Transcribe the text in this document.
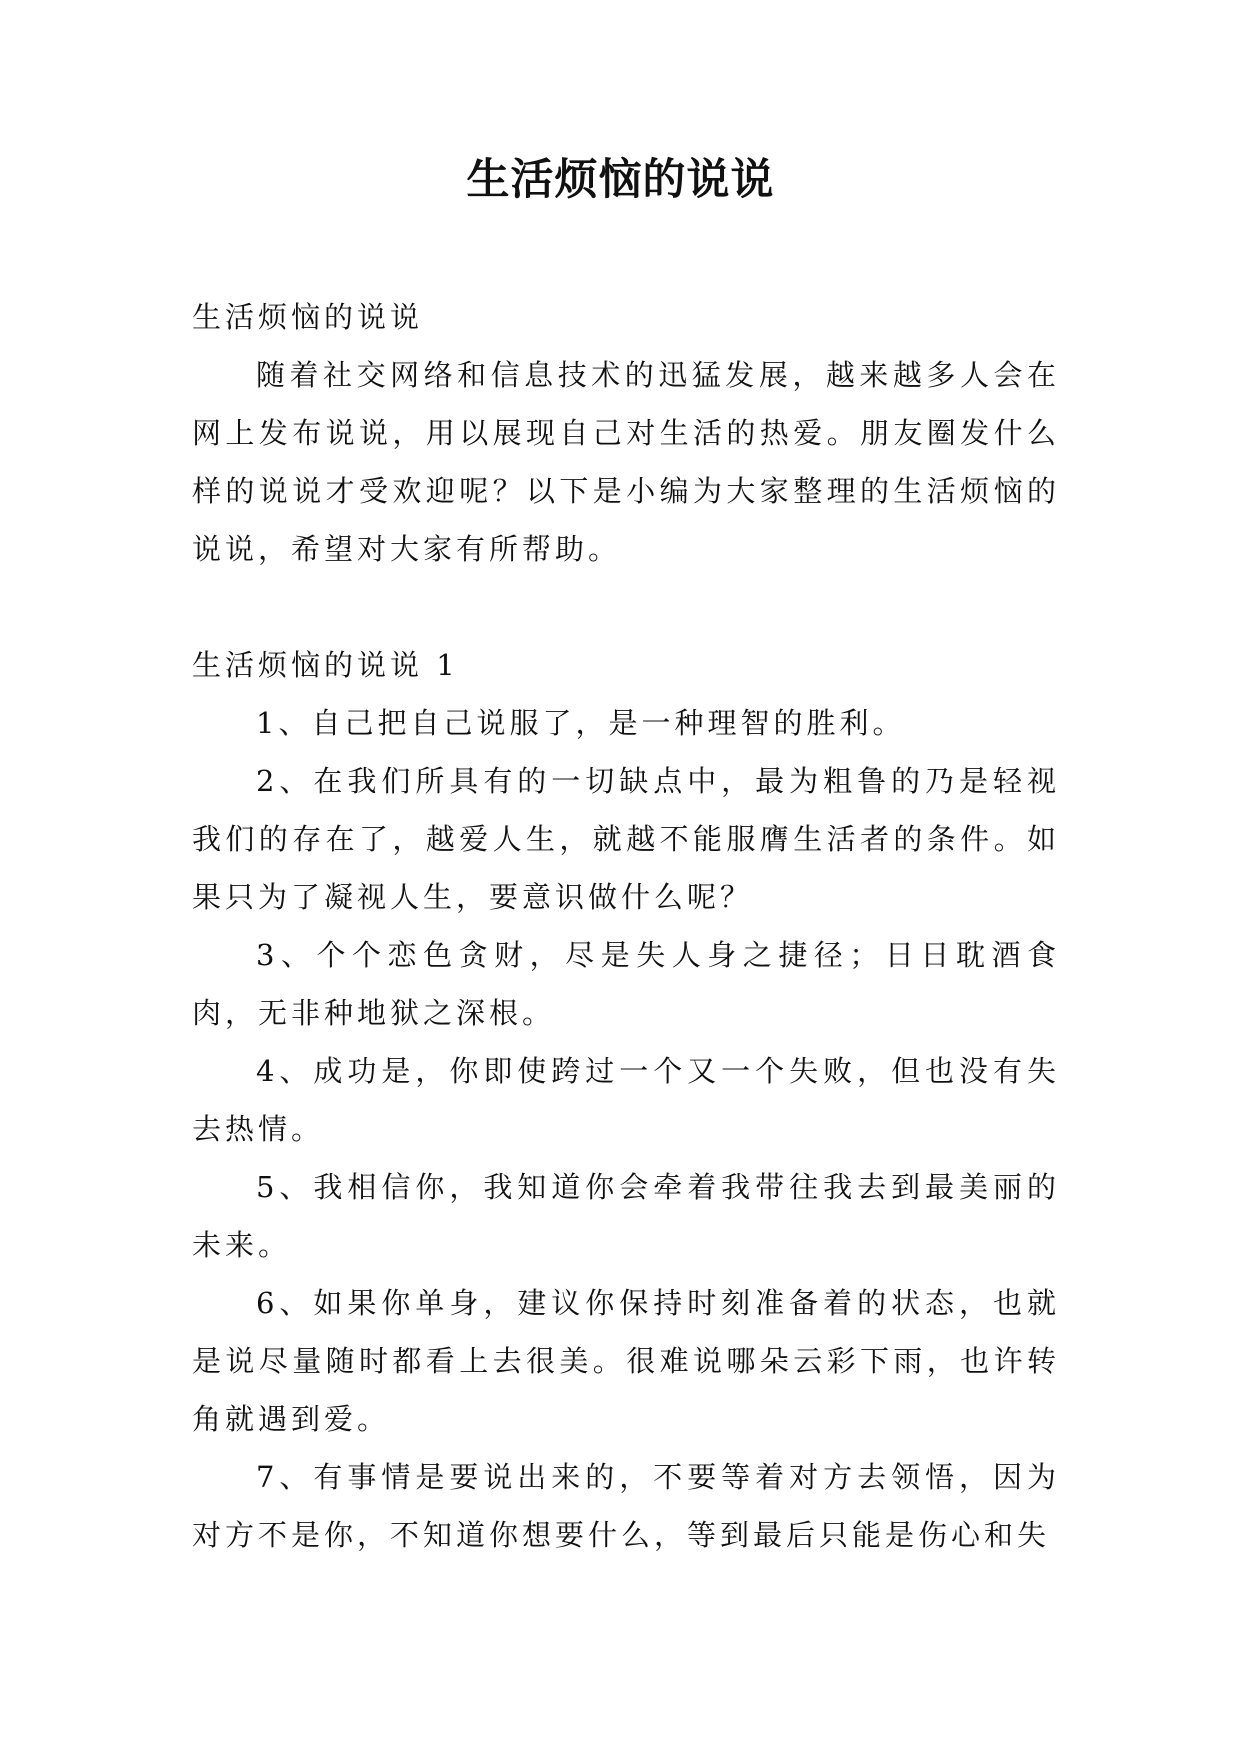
生活烦恼的说说

生活烦恼的说说

随着社交网络和信息技术的迅猛发展，越来越多人会在网上发布说说，用以展现自己对生活的热爱。朋友圈发什么样的说说才受欢迎呢？以下是小编为大家整理的生活烦恼的说说，希望对大家有所帮助。

生活烦恼的说说 1

1、自己把自己说服了，是一种理智的胜利。

2、在我们所具有的一切缺点中，最为粗鲁的乃是轻视我们的存在了，越爱人生，就越不能服膺生活者的条件。如果只为了凝视人生，要意识做什么呢？

3、个个恋色贪财，尽是失人身之捷径；日日耽酒食肉，无非种地狱之深根。

4、成功是，你即使跨过一个又一个失败，但也没有失去热情。

5、我相信你，我知道你会牵着我带往我去到最美丽的未来。

6、如果你单身，建议你保持时刻准备着的状态，也就是说尽量随时都看上去很美。很难说哪朵云彩下雨，也许转角就遇到爱。

7、有事情是要说出来的，不要等着对方去领悟，因为对方不是你，不知道你想要什么，等到最后只能是伤心和失
